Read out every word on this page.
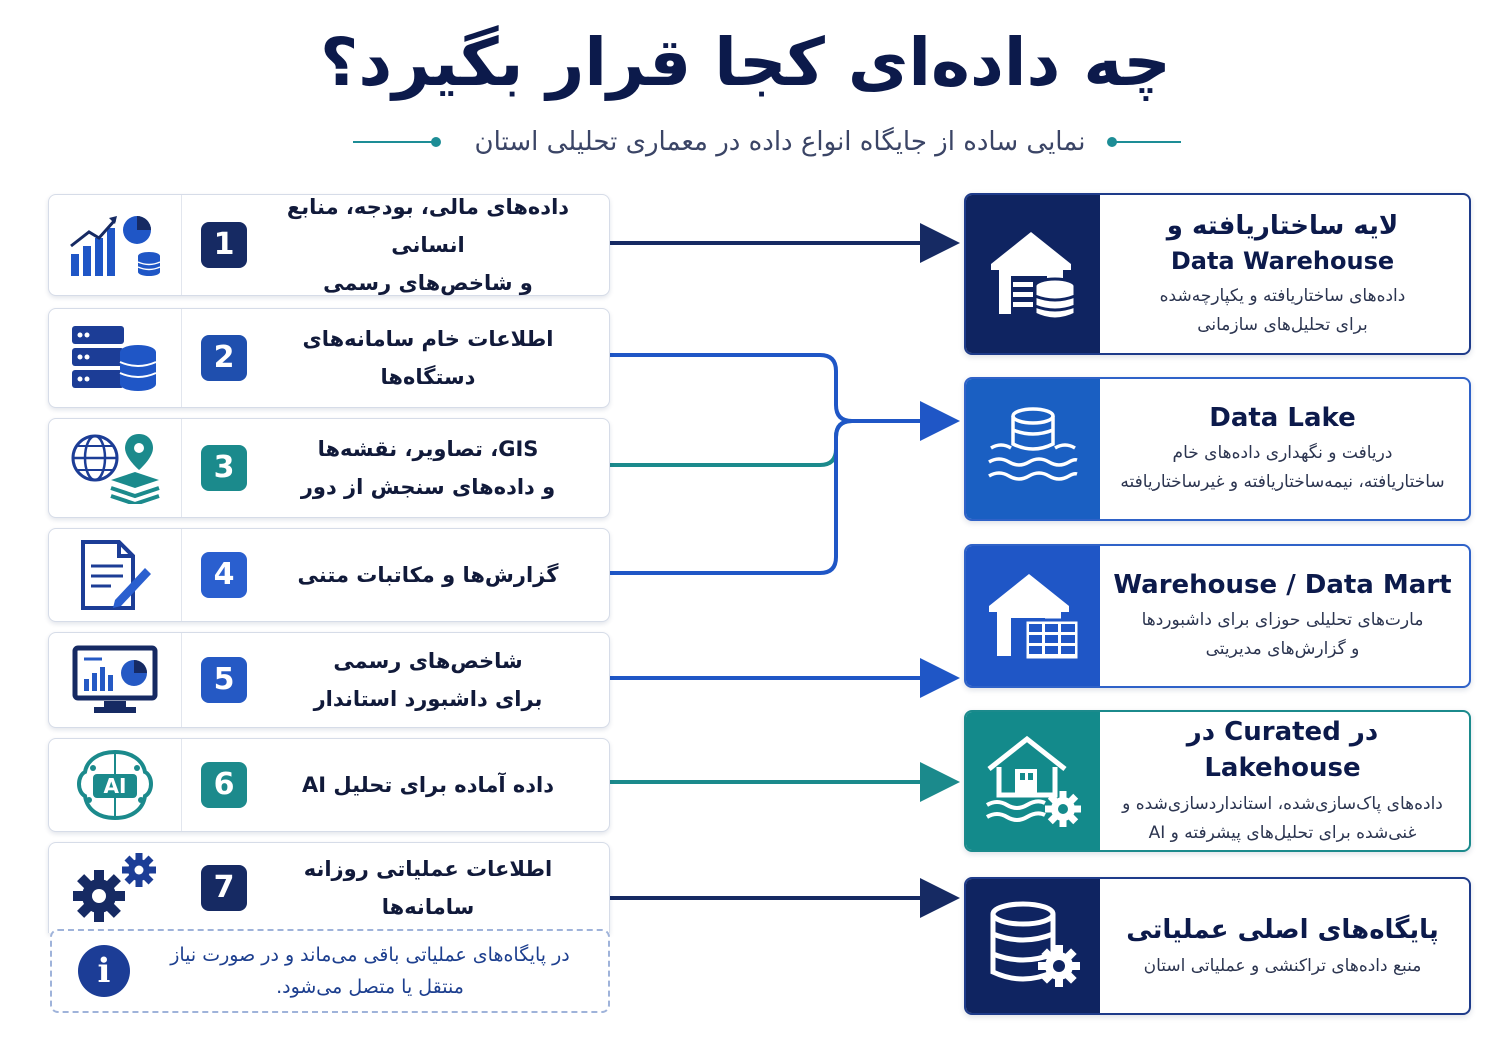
چه داده‌ای کجا قرار بگیرد؟
نمایی ساده از جایگاه انواع داده در معماری تحلیلی استان
1
داده‌های مالی، بودجه، منابع انسانی
و شاخص‌های رسمی
2
اطلاعات خام سامانه‌های دستگاه‌ها
3
GIS، تصاویر، نقشه‌ها
و داده‌های سنجش از دور
4	گزارش‌ها و مکاتبات متنی
5
شاخص‌های رسمی
برای داشبورد استاندار
AI	6	داده آماده برای تحلیل AI
7
اطلاعات عملیاتی روزانه سامانه‌ها
i	در پایگاه‌های عملیاتی باقی می‌ماند و در صورت نیاز
منتقل یا متصل می‌شود.
لایه ساختاریافته و
Data Warehouse
داده‌های ساختاریافته و یکپارچه‌شده
برای تحلیل‌های سازمانی
Data Lake
دریافت و نگهداری داده‌های خام
ساختاریافته، نیمه‌ساختاریافته و غیرساختاریافته
Warehouse / Data Mart
مارت‌های تحلیلی حوزای برای داشبوردها
و گزارش‌های مدیریتی
در Curated در Lakehouse
داده‌های پاک‌سازی‌شده، استانداردسازی‌شده و
غنی‌شده برای تحلیل‌های پیشرفته و AI
پایگاه‌های اصلی عملیاتی
منبع داده‌های تراکنشی و عملیاتی استان
